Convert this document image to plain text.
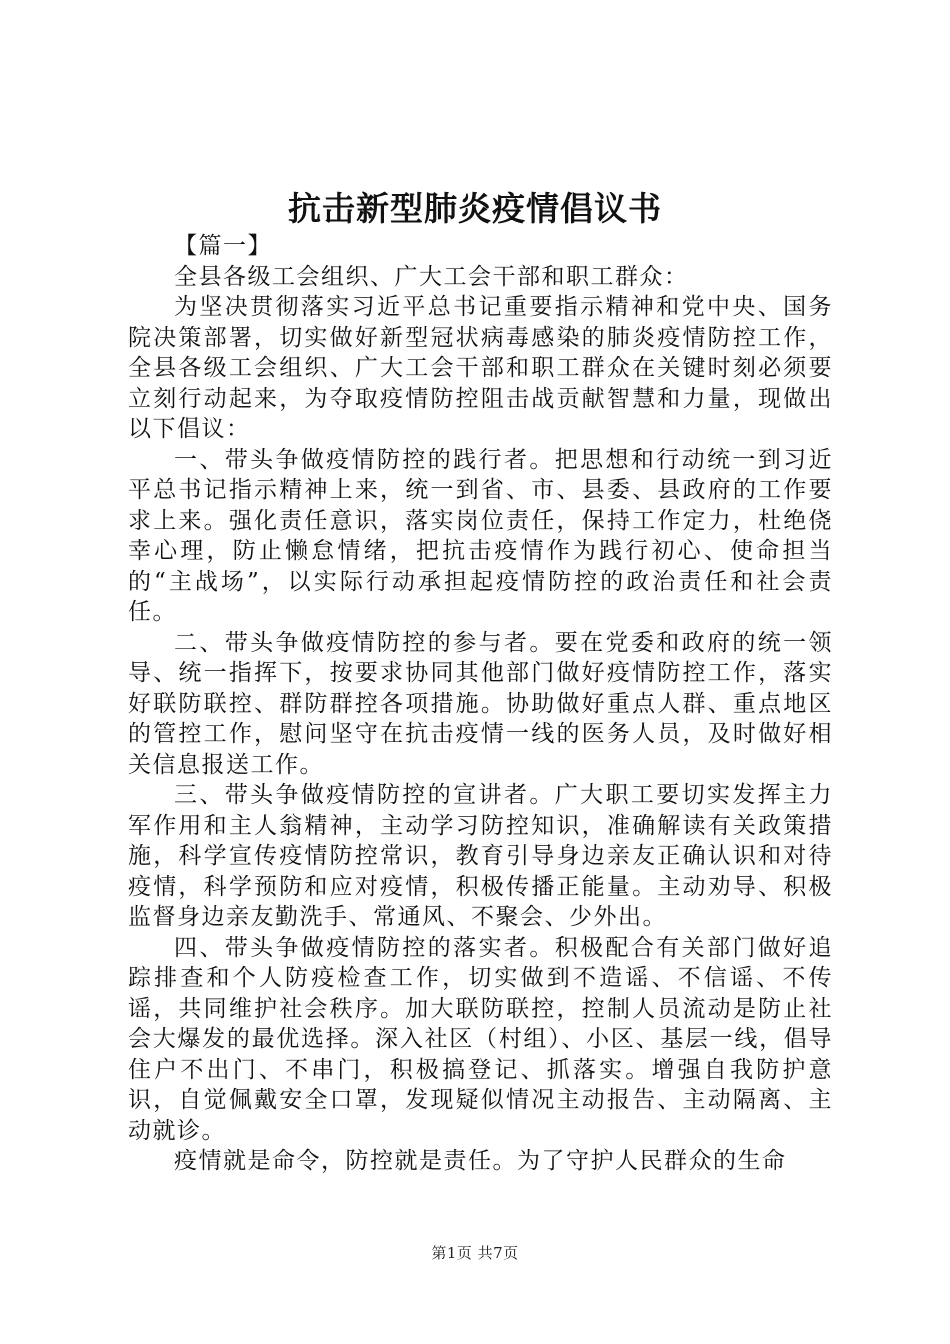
抗击新型肺炎疫情倡议书

【篇一】

全县各级工会组织、广大工会干部和职工群众：

为坚决贯彻落实习近平总书记重要指示精神和党中央、国务院决策部署，切实做好新型冠状病毒感染的肺炎疫情防控工作，全县各级工会组织、广大工会干部和职工群众在关键时刻必须要立刻行动起来，为夺取疫情防控阻击战贡献智慧和力量，现做出以下倡议：

一、带头争做疫情防控的践行者。把思想和行动统一到习近平总书记指示精神上来，统一到省、市、县委、县政府的工作要求上来。强化责任意识，落实岗位责任，保持工作定力，杜绝侥幸心理，防止懒怠情绪，把抗击疫情作为践行初心、使命担当的“主战场”，以实际行动承担起疫情防控的政治责任和社会责任。

二、带头争做疫情防控的参与者。要在党委和政府的统一领导、统一指挥下，按要求协同其他部门做好疫情防控工作，落实好联防联控、群防群控各项措施。协助做好重点人群、重点地区的管控工作，慰问坚守在抗击疫情一线的医务人员，及时做好相关信息报送工作。

三、带头争做疫情防控的宣讲者。广大职工要切实发挥主力军作用和主人翁精神，主动学习防控知识，准确解读有关政策措施，科学宣传疫情防控常识，教育引导身边亲友正确认识和对待疫情，科学预防和应对疫情，积极传播正能量。主动劝导、积极监督身边亲友勤洗手、常通风、不聚会、少外出。

四、带头争做疫情防控的落实者。积极配合有关部门做好追踪排查和个人防疫检查工作，切实做到不造谣、不信谣、不传谣，共同维护社会秩序。加大联防联控，控制人员流动是防止社会大爆发的最优选择。深入社区（村组）、小区、基层一线，倡导住户不出门、不串门，积极搞登记、抓落实。增强自我防护意识，自觉佩戴安全口罩，发现疑似情况主动报告、主动隔离、主动就诊。

疫情就是命令，防控就是责任。为了守护人民群众的生命

第1页 共7页
